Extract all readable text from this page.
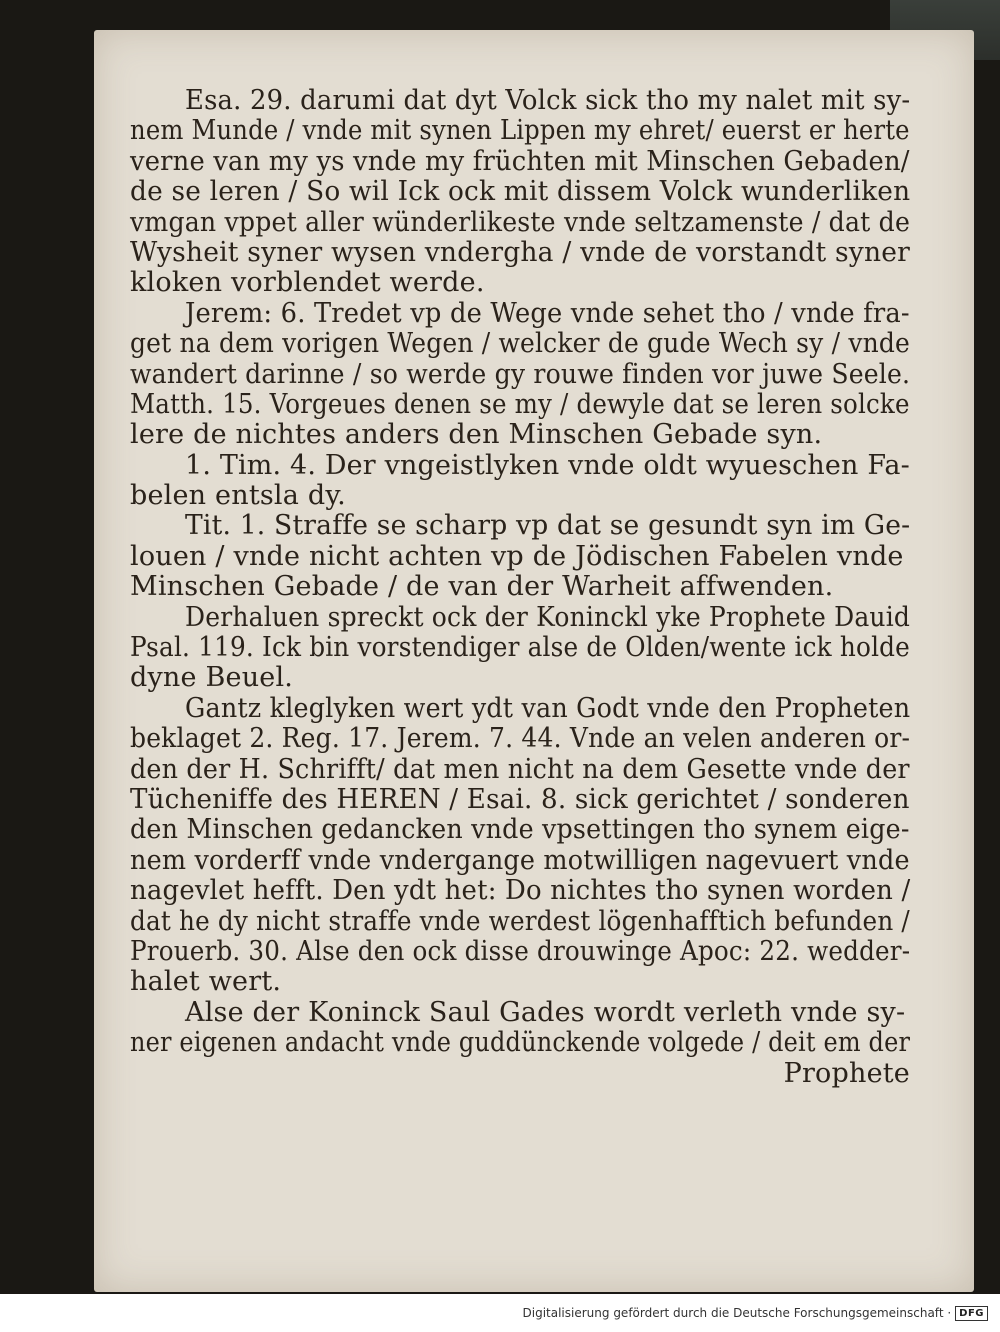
Esa. 29. darumi dat dyt Volck sick tho my nalet mit sy-
nem Munde / vnde mit synen Lippen my ehret/ euerst er herte
verne van my ys vnde my früchten mit Minschen Gebaden/
de se leren / So wil Ick ock mit dissem Volck wunderliken
vmgan vppet aller wünderlikeste vnde seltzamenste / dat de
Wysheit syner wysen vndergha / vnde de vorstandt syner
kloken vorblendet werde.
Jerem: 6. Tredet vp de Wege vnde sehet tho / vnde fra-
get na dem vorigen Wegen / welcker de gude Wech sy / vnde
wandert darinne / so werde gy rouwe finden vor juwe Seele.
Matth. 15. Vorgeues denen se my / dewyle dat se leren solcke
lere de nichtes anders den Minschen Gebade syn.
1. Tim. 4. Der vngeistlyken vnde oldt wyueschen Fa-
belen entsla dy.
Tit. 1. Straffe se scharp vp dat se gesundt syn im Ge-
louen / vnde nicht achten vp de Jödischen Fabelen vnde
Minschen Gebade / de van der Warheit affwenden.
Derhaluen spreckt ock der Koninckl yke Prophete Dauid
Psal. 119. Ick bin vorstendiger alse de Olden/wente ick holde
dyne Beuel.
Gantz kleglyken wert ydt van Godt vnde den Propheten
beklaget 2. Reg. 17. Jerem. 7. 44. Vnde an velen anderen or-
den der H. Schrifft/ dat men nicht na dem Gesette vnde der
Tücheniffe des HEREN / Esai. 8. sick gerichtet / sonderen
den Minschen gedancken vnde vpsettingen tho synem eige-
nem vorderff vnde vndergange motwilligen nagevuert vnde
nagevlet hefft. Den ydt het: Do nichtes tho synen worden /
dat he dy nicht straffe vnde werdest lögenhafftich befunden /
Prouerb. 30. Alse den ock disse drouwinge Apoc: 22. wedder-
halet wert.
Alse der Koninck Saul Gades wordt verleth vnde sy-
ner eigenen andacht vnde guddünckende volgede / deit em der
Prophete
Digitalisierung gefördert durch die Deutsche Forschungsgemeinschaft · DFG
